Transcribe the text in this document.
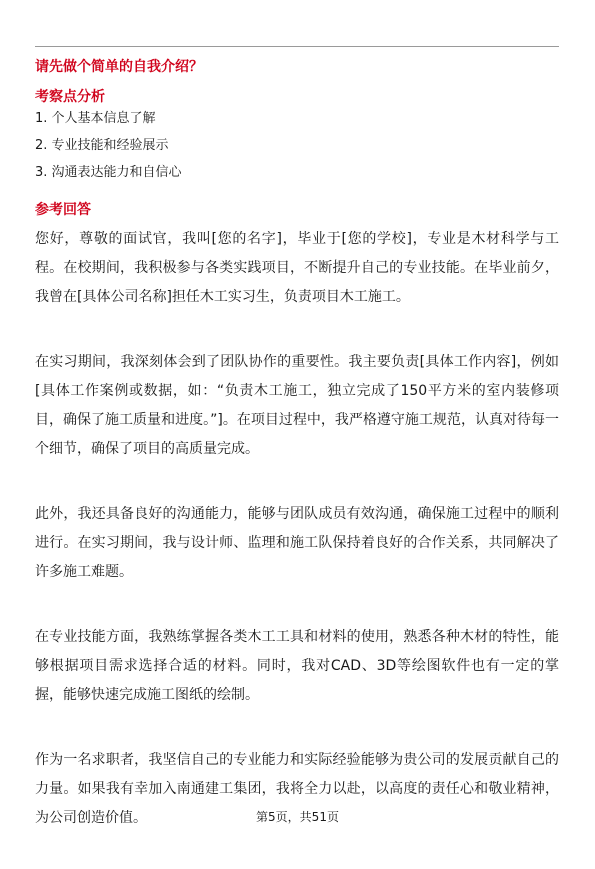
请先做个简单的自我介绍？
考察点分析
1. 个人基本信息了解
2. 专业技能和经验展示
3. 沟通表达能力和自信心
参考回答

您好，尊敬的面试官，我叫[您的名字]，毕业于[您的学校]，专业是木材科学与工程。在校期间，我积极参与各类实践项目，不断提升自己的专业技能。在毕业前夕，我曾在[具体公司名称]担任木工实习生，负责项目木工施工。

在实习期间，我深刻体会到了团队协作的重要性。我主要负责[具体工作内容]，例如[具体工作案例或数据，如：“负责木工施工，独立完成了150平方米的室内装修项目，确保了施工质量和进度。”]。在项目过程中，我严格遵守施工规范，认真对待每一个细节，确保了项目的高质量完成。

此外，我还具备良好的沟通能力，能够与团队成员有效沟通，确保施工过程中的顺利进行。在实习期间，我与设计师、监理和施工队保持着良好的合作关系，共同解决了许多施工难题。

在专业技能方面，我熟练掌握各类木工工具和材料的使用，熟悉各种木材的特性，能够根据项目需求选择合适的材料。同时，我对CAD、3D等绘图软件也有一定的掌握，能够快速完成施工图纸的绘制。

作为一名求职者，我坚信自己的专业能力和实际经验能够为贵公司的发展贡献自己的力量。如果我有幸加入南通建工集团，我将全力以赴，以高度的责任心和敬业精神，为公司创造价值。	第5页，共51页
